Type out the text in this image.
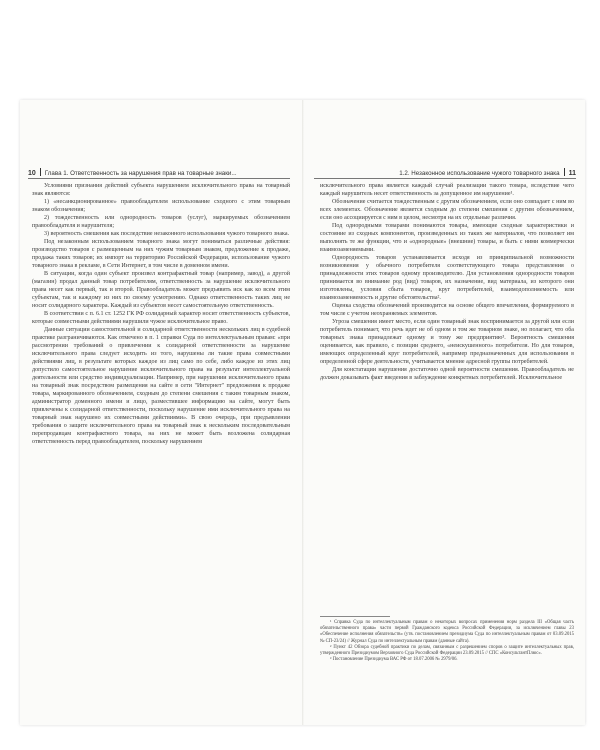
10 Глава 1. Ответственность за нарушения прав на товарные знаки...

Условиями признания действий субъекта нарушением исключительного права на товарный знак являются:

1) «несанкционированное» правообладателем использование сходного с этим товарным знаком обозначения;

2) тождественность или однородность товаров (услуг), маркируемых обозначением правообладателя и нарушителя;

3) вероятность смешения как последствие незаконного использования чужого товарного знака.

Под незаконным использованием товарного знака могут пониматься различные действия: производство товаров с размещенным на них чужим товарным знаком, предложение к продаже, продажа таких товаров; их импорт на территорию Российской Федерации, использование чужого товарного знака в рекламе, в Сети Интернет, в том числе в доменном имени.

В ситуации, когда один субъект произвел контрафактный товар (например, завод), а другой (магазин) продал данный товар потребителям, ответственность за нарушение исключительного права несет как первый, так и второй. Правообладатель может предъявить иск как ко всем этим субъектам, так и каждому из них по своему усмотрению. Однако ответственность таких лиц не носит солидарного характера. Каждый из субъектов несет самостоятельную ответственность.

В соответствии с п. 6.1 ст. 1252 ГК РФ солидарный характер носит ответственность субъектов, которые совместными действиями нарушили чужое исключительное право.

Данные ситуации самостоятельной и солидарной ответственности нескольких лиц в судебной практике разграничиваются. Как отмечено в п. 1 справки Суда по интеллектуальным правам: «при рассмотрении требований о привлечении к солидарной ответственности за нарушение исключительного права следует исходить из того, нарушены ли такие права совместными действиями лиц, в результате которых каждое из лиц само по себе, либо каждое из этих лиц допустило самостоятельное нарушение исключительного права на результат интеллектуальной деятельности или средство индивидуализации. Например, при нарушении исключительного права на товарный знак посредством размещения на сайте в сети "Интернет" предложения к продаже товара, маркированного обозначением, сходным до степени смешения с таким товарным знаком, администратор доменного имени и лицо, разместившее информацию на сайте, могут быть привлечены к солидарной ответственности, поскольку нарушение ими исключительного права на товарный знак нарушено их совместными действиями». В свою очередь, при предъявлении требования о защите исключительного права на товарный знак к нескольким последовательным перепродавцам контрафактного товара, на них не может быть возложена солидарная ответственность перед правообладателем, поскольку нарушением

1.2. Незаконное использование чужого товарного знака 11

исключительного права является каждый случай реализации такого товара, вследствие чего каждый нарушитель несет ответственность за допущенное им нарушение¹.

Обозначение считается тождественным с другим обозначением, если оно совпадает с ним во всех элементах. Обозначение является сходным до степени смешения с другим обозначением, если оно ассоциируется с ним в целом, несмотря на их отдельные различия.

Под однородными товарами понимаются товары, имеющие сходные характеристики и состояние из сходных компонентов, произведенных из таких же материалов, что позволяет им выполнять те же функции, что и «однородные» (внешние) товары, и быть с ними коммерчески взаимозаменяемыми.

Однородность товаров устанавливается исходя из принципиальной возможности возникновения у обычного потребителя соответствующего товара представления о принадлежности этих товаров одному производителю. Для установления однородности товаров принимается во внимание род (вид) товаров, их назначение, вид материала, из которого они изготовлены, условия сбыта товаров, круг потребителей, взаимодополняемость или взаимозаменяемость и другие обстоятельства².

Оценка сходства обозначений производится на основе общего впечатления, формируемого в том числе с учетом неохраняемых элементов.

Угроза смешения имеет место, если один товарный знак воспринимается за другой или если потребитель понимает, что речь идет не об одном и том же товарном знаке, но полагает, что оба товарных знака принадлежат одному и тому же предприятию³. Вероятность смешения оценивается, как правило, с позиции среднего, «неискушенного» потребителя. Но для товаров, имеющих определенный круг потребителей, например предназначенных для использования в определенной сфере деятельности, учитывается мнение адресной группы потребителей.

Для констатации нарушения достаточно одной вероятности смешения. Правообладатель не должен доказывать факт введения в заблуждение конкретных потребителей. Исключительное

¹ Справка Суда по интеллектуальным правам о некоторых вопросах применения норм раздела III «Общая часть обязательственного права» части первой Гражданского кодекса Российской Федерации, за исключением главы 23 «Обеспечение исполнения обязательств» (утв. постановлением президиума Суда по интеллектуальным правам от 03.09.2015 № СП-23/24) // Журнал Суда по интеллектуальным правам (данные сайта).

² Пункт 42 Обзора судебной практики по делам, связанным с разрешением споров о защите интеллектуальных прав, утвержденного Президиумом Верховного Суда Российской Федерации 23.09.2015 // СПС «КонсультантПлюс».

³ Постановление Президиума ВАС РФ от 18.07.2006 № 2979/06.
